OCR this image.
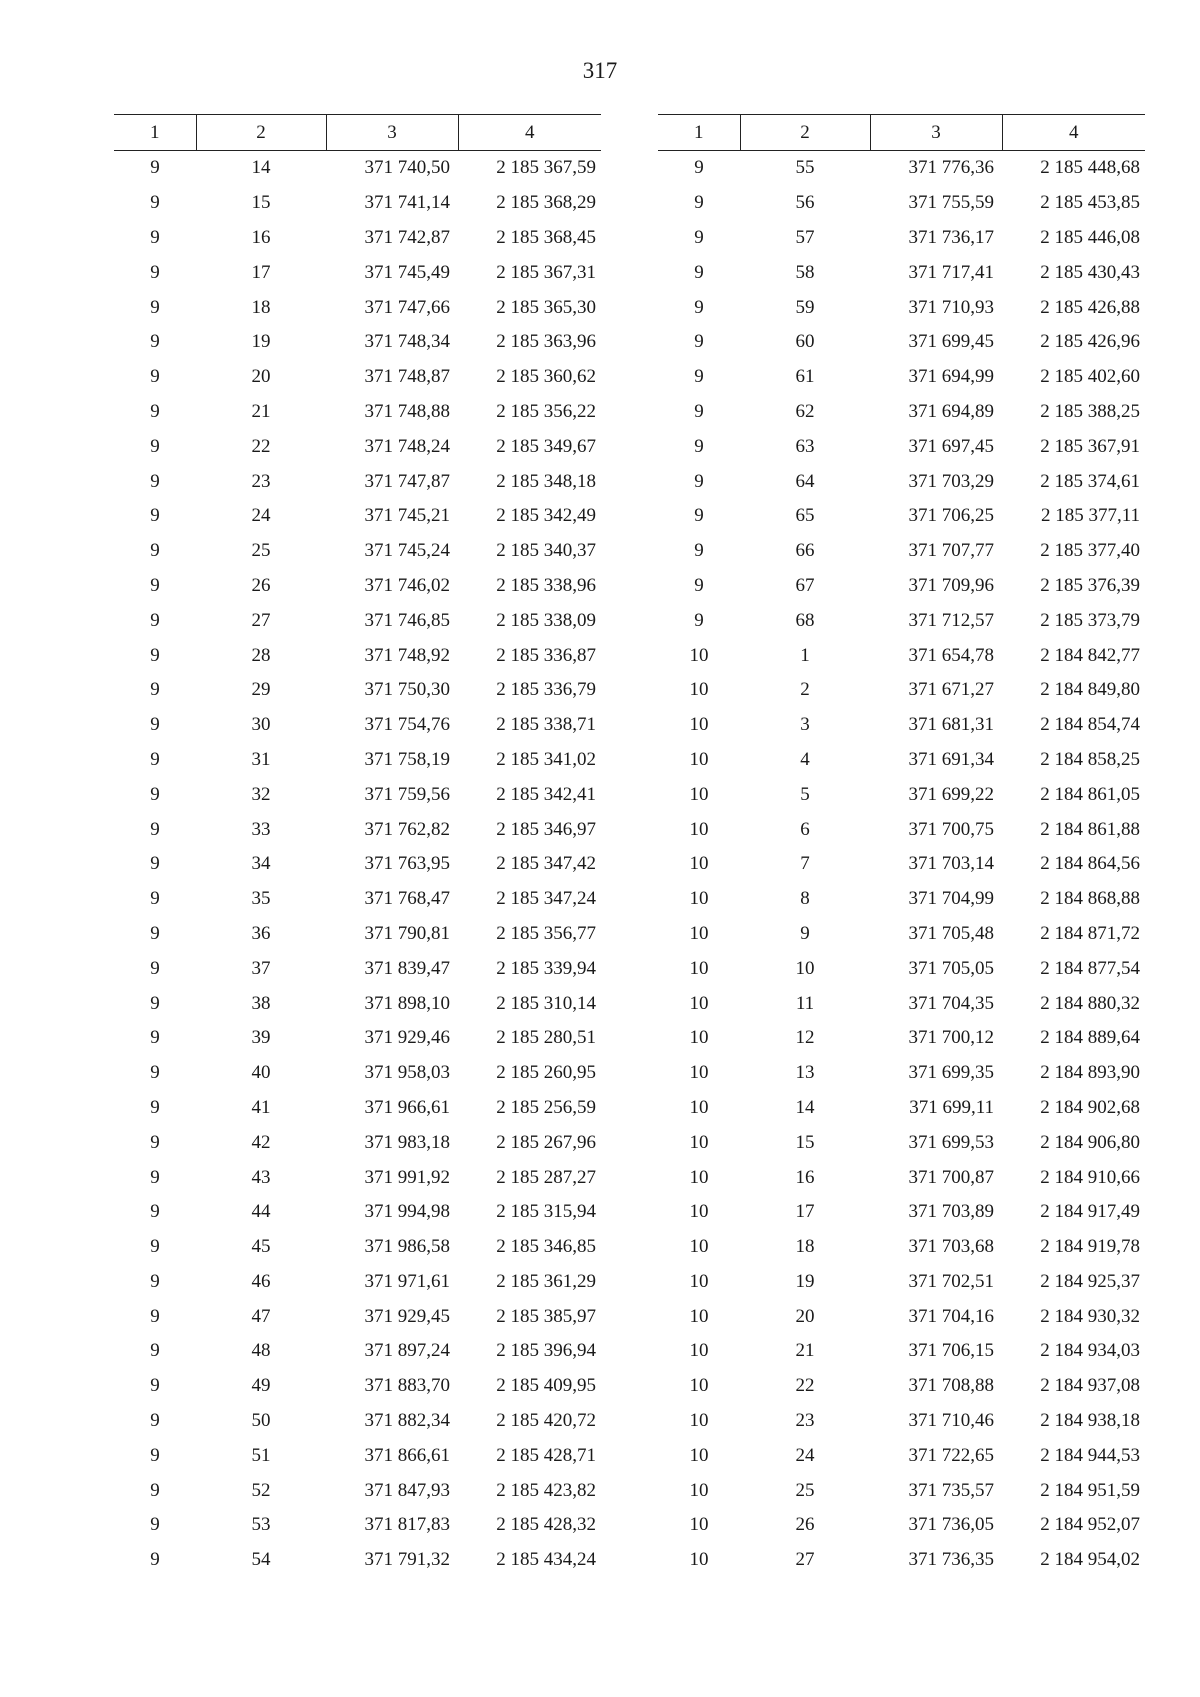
317
1	2	3	4
9	14	371 740,50	2 185 367,59
9	15	371 741,14	2 185 368,29
9	16	371 742,87	2 185 368,45
9	17	371 745,49	2 185 367,31
9	18	371 747,66	2 185 365,30
9	19	371 748,34	2 185 363,96
9	20	371 748,87	2 185 360,62
9	21	371 748,88	2 185 356,22
9	22	371 748,24	2 185 349,67
9	23	371 747,87	2 185 348,18
9	24	371 745,21	2 185 342,49
9	25	371 745,24	2 185 340,37
9	26	371 746,02	2 185 338,96
9	27	371 746,85	2 185 338,09
9	28	371 748,92	2 185 336,87
9	29	371 750,30	2 185 336,79
9	30	371 754,76	2 185 338,71
9	31	371 758,19	2 185 341,02
9	32	371 759,56	2 185 342,41
9	33	371 762,82	2 185 346,97
9	34	371 763,95	2 185 347,42
9	35	371 768,47	2 185 347,24
9	36	371 790,81	2 185 356,77
9	37	371 839,47	2 185 339,94
9	38	371 898,10	2 185 310,14
9	39	371 929,46	2 185 280,51
9	40	371 958,03	2 185 260,95
9	41	371 966,61	2 185 256,59
9	42	371 983,18	2 185 267,96
9	43	371 991,92	2 185 287,27
9	44	371 994,98	2 185 315,94
9	45	371 986,58	2 185 346,85
9	46	371 971,61	2 185 361,29
9	47	371 929,45	2 185 385,97
9	48	371 897,24	2 185 396,94
9	49	371 883,70	2 185 409,95
9	50	371 882,34	2 185 420,72
9	51	371 866,61	2 185 428,71
9	52	371 847,93	2 185 423,82
9	53	371 817,83	2 185 428,32
9	54	371 791,32	2 185 434,24
1	2	3	4
9	55	371 776,36	2 185 448,68
9	56	371 755,59	2 185 453,85
9	57	371 736,17	2 185 446,08
9	58	371 717,41	2 185 430,43
9	59	371 710,93	2 185 426,88
9	60	371 699,45	2 185 426,96
9	61	371 694,99	2 185 402,60
9	62	371 694,89	2 185 388,25
9	63	371 697,45	2 185 367,91
9	64	371 703,29	2 185 374,61
9	65	371 706,25	2 185 377,11
9	66	371 707,77	2 185 377,40
9	67	371 709,96	2 185 376,39
9	68	371 712,57	2 185 373,79
10	1	371 654,78	2 184 842,77
10	2	371 671,27	2 184 849,80
10	3	371 681,31	2 184 854,74
10	4	371 691,34	2 184 858,25
10	5	371 699,22	2 184 861,05
10	6	371 700,75	2 184 861,88
10	7	371 703,14	2 184 864,56
10	8	371 704,99	2 184 868,88
10	9	371 705,48	2 184 871,72
10	10	371 705,05	2 184 877,54
10	11	371 704,35	2 184 880,32
10	12	371 700,12	2 184 889,64
10	13	371 699,35	2 184 893,90
10	14	371 699,11	2 184 902,68
10	15	371 699,53	2 184 906,80
10	16	371 700,87	2 184 910,66
10	17	371 703,89	2 184 917,49
10	18	371 703,68	2 184 919,78
10	19	371 702,51	2 184 925,37
10	20	371 704,16	2 184 930,32
10	21	371 706,15	2 184 934,03
10	22	371 708,88	2 184 937,08
10	23	371 710,46	2 184 938,18
10	24	371 722,65	2 184 944,53
10	25	371 735,57	2 184 951,59
10	26	371 736,05	2 184 952,07
10	27	371 736,35	2 184 954,02
